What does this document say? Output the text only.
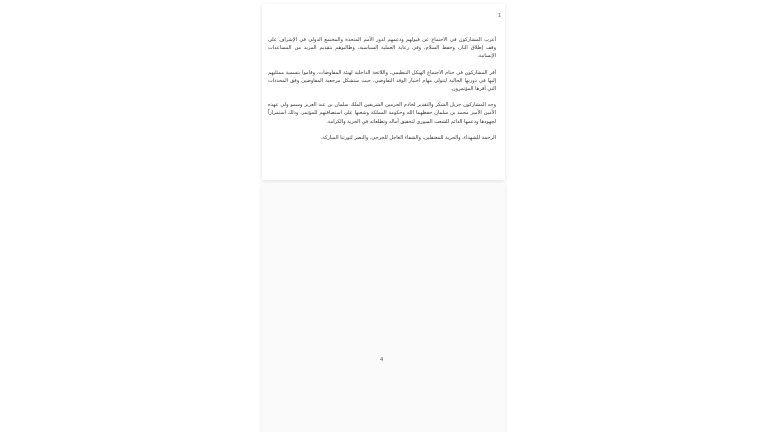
1

أعرب المشاركون في الاجتماع عن قيولهم ودعمهم لدور الأمم المتحدة والمجتمع الدولي في الإشراف على وقف إطلاق النار، وحفظ السلام، وفي رعاية العملية السياسية، وطالبوهم بتقديم المزيد من المساعدات الإنسانية.

أقر المشاركون في ختام الاجتماع الهيكل التنظيمي، واللائحة الداخلية لهيئة المفاوضات، وقاموا بتسمية ممثليهم إليها في دورتها الحالية لتتولى مهام اختيار الوفد التفاوضي، حيث ستشكل مرجعية المفاوضين وفق المحددات التي أقرها المؤتمرون.

وجه المشاركون جزيل الشكر والتقدير لخادم الحرمين الشريفين الملك سلمان بن عبد العزيز وسمو ولي عهده الأمين الأمير محمد بن سلمان حفظهما الله وحكومة المملكة وشعبها على استضافتهم للمؤتمر، وذلك استمراراً لجهودها ودعمها الدائم للشعب السوري لتحقيق آماله وتطلعاته في الحرية والكرامة.

الرحمة للشهداء، والحرية للمعتقلين، والشفاء العاجل للجرحى، والنصر لثورتنا المباركة.

4
